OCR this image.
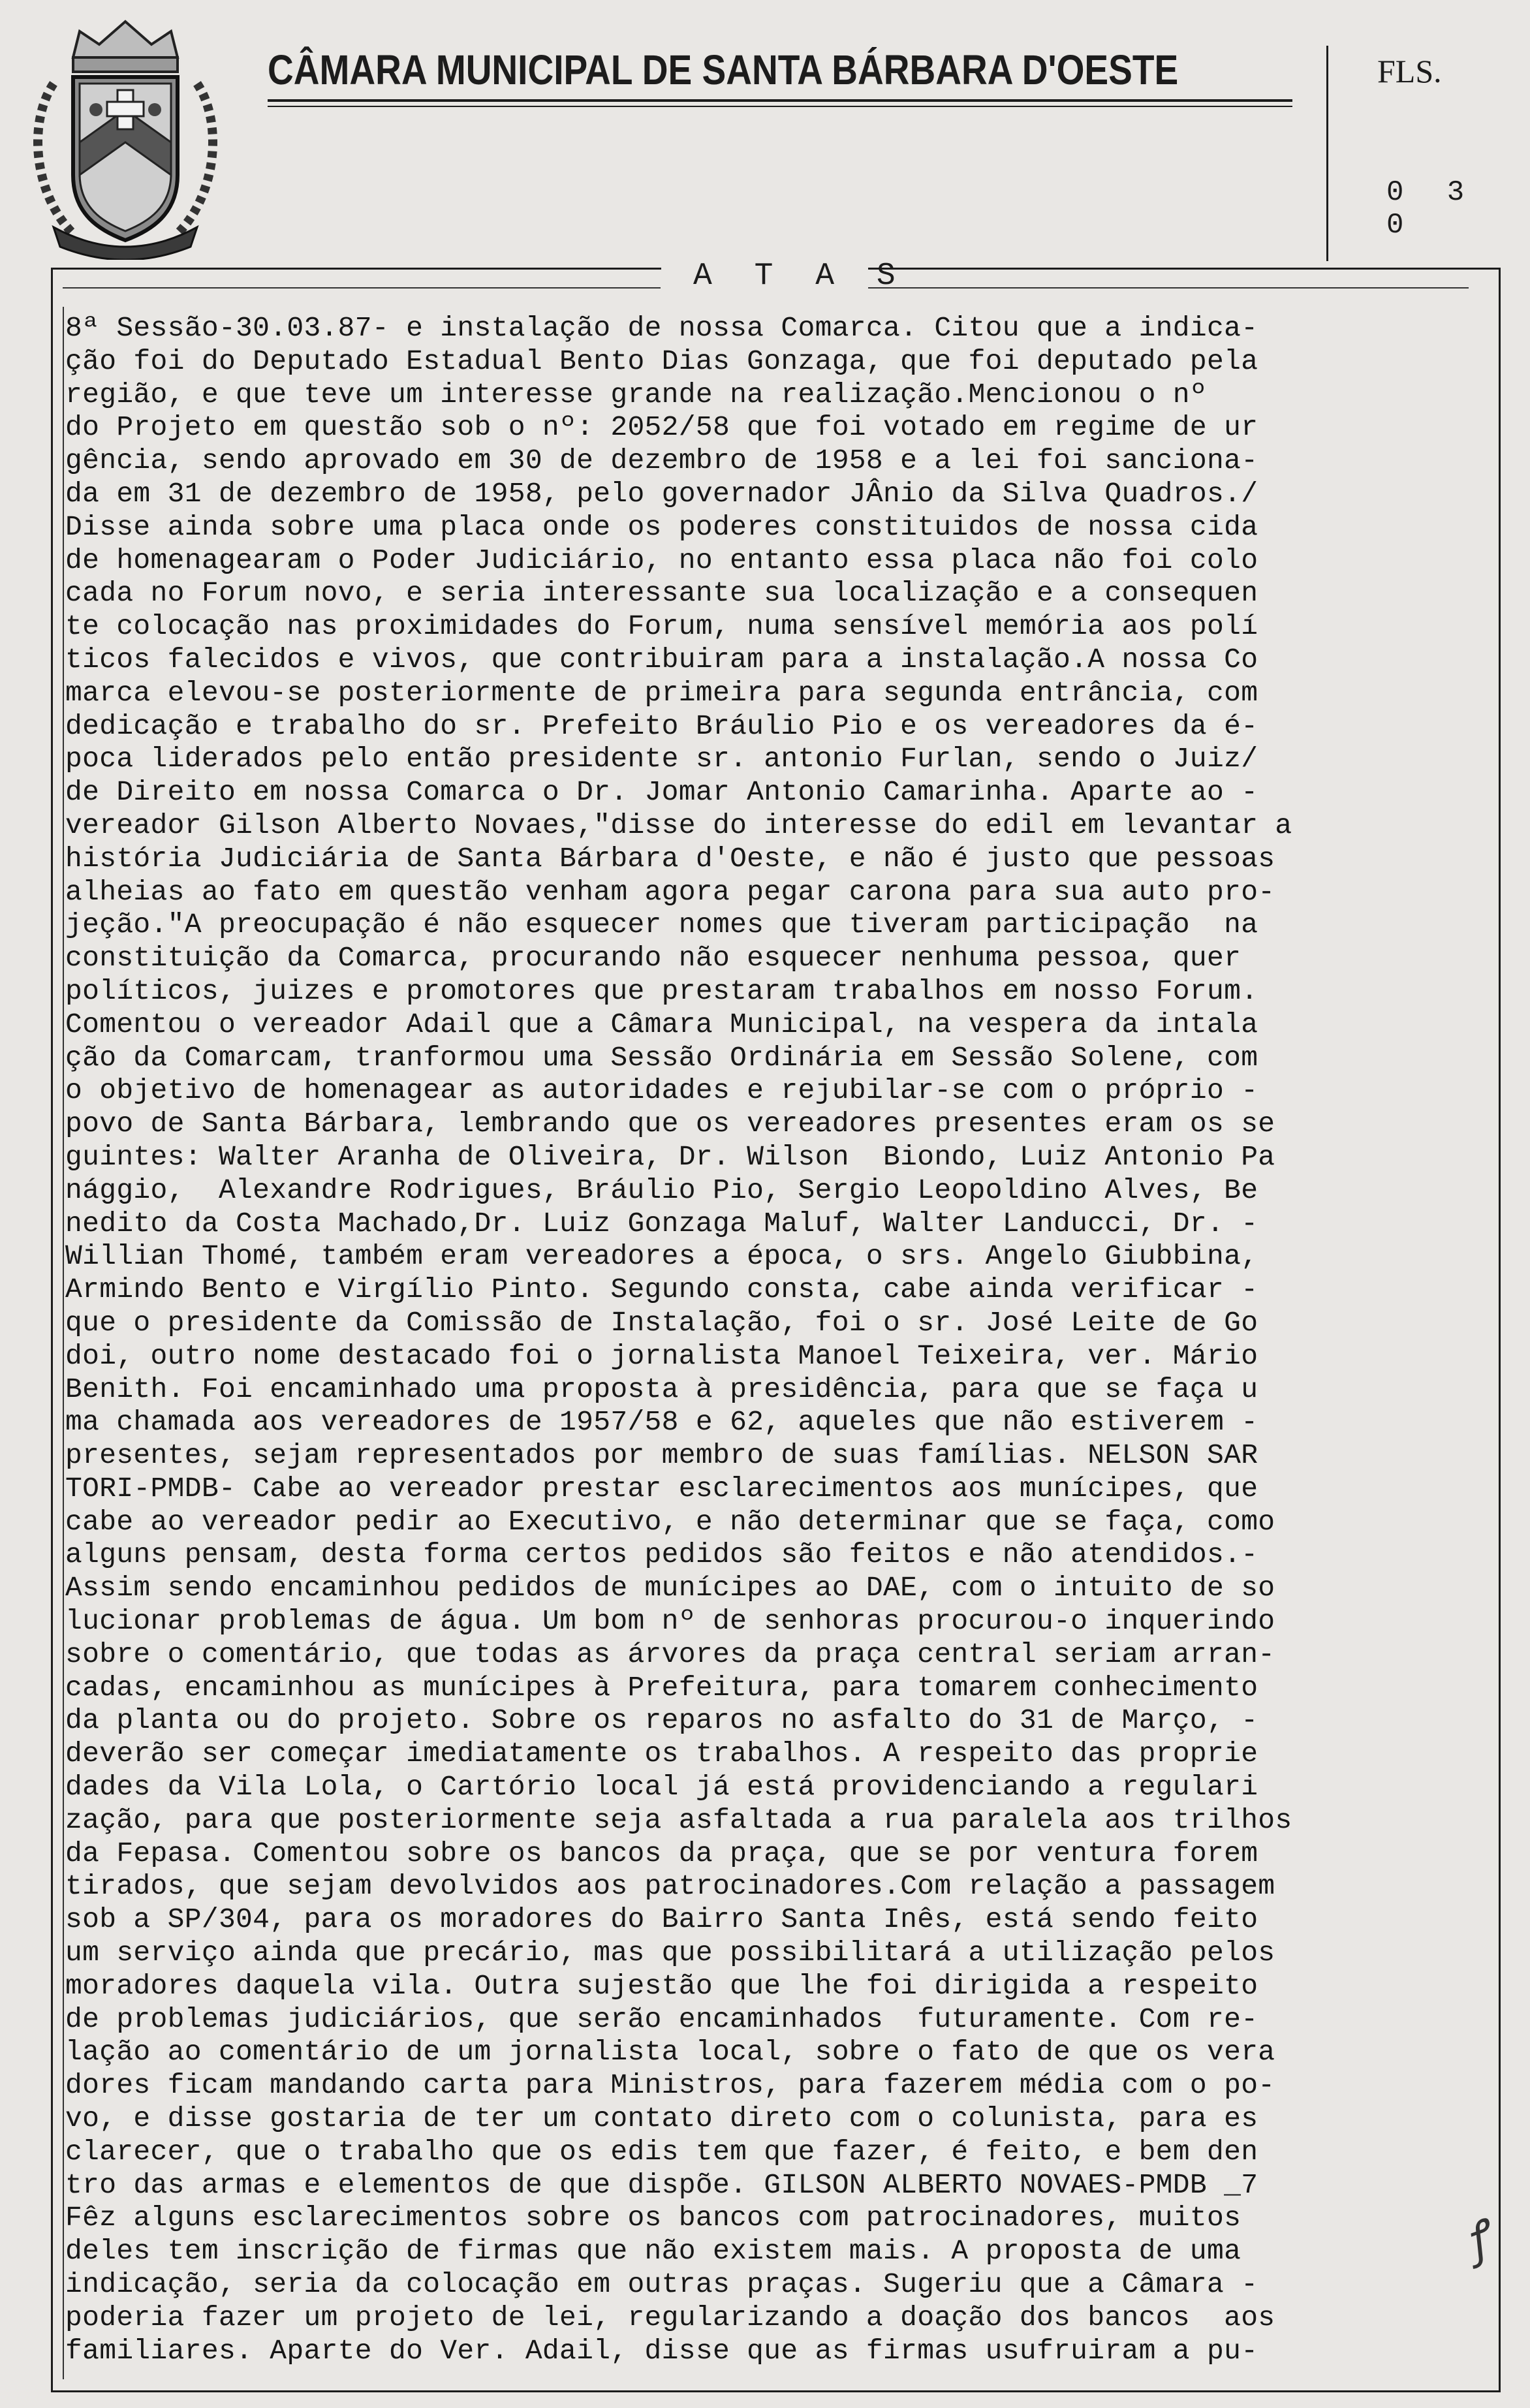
CÂMARA MUNICIPAL DE SANTA BÁRBARA D'OESTE	FLS.
0 3 0
A T A S
8ª Sessão-30.03.87- e instalação de nossa Comarca. Citou que a indica-
ção foi do Deputado Estadual Bento Dias Gonzaga, que foi deputado pela
região, e que teve um interesse grande na realização.Mencionou o nº
do Projeto em questão sob o nº: 2052/58 que foi votado em regime de ur
gência, sendo aprovado em 30 de dezembro de 1958 e a lei foi sanciona-
da em 31 de dezembro de 1958, pelo governador JÂnio da Silva Quadros./
Disse ainda sobre uma placa onde os poderes constituidos de nossa cida
de homenagearam o Poder Judiciário, no entanto essa placa não foi colo
cada no Forum novo, e seria interessante sua localização e a consequen
te colocação nas proximidades do Forum, numa sensível memória aos polí
ticos falecidos e vivos, que contribuiram para a instalação.A nossa Co
marca elevou-se posteriormente de primeira para segunda entrância, com
dedicação e trabalho do sr. Prefeito Bráulio Pio e os vereadores da é-
poca liderados pelo então presidente sr. antonio Furlan, sendo o Juiz/
de Direito em nossa Comarca o Dr. Jomar Antonio Camarinha. Aparte ao -
vereador Gilson Alberto Novaes,"disse do interesse do edil em levantar a
história Judiciária de Santa Bárbara d'Oeste, e não é justo que pessoas
alheias ao fato em questão venham agora pegar carona para sua auto pro-
jeção."A preocupação é não esquecer nomes que tiveram participação  na
constituição da Comarca, procurando não esquecer nenhuma pessoa, quer
políticos, juizes e promotores que prestaram trabalhos em nosso Forum.
Comentou o vereador Adail que a Câmara Municipal, na vespera da intala
ção da Comarcam, tranformou uma Sessão Ordinária em Sessão Solene, com
o objetivo de homenagear as autoridades e rejubilar-se com o próprio -
povo de Santa Bárbara, lembrando que os vereadores presentes eram os se
guintes: Walter Aranha de Oliveira, Dr. Wilson  Biondo, Luiz Antonio Pa
nággio,  Alexandre Rodrigues, Bráulio Pio, Sergio Leopoldino Alves, Be
nedito da Costa Machado,Dr. Luiz Gonzaga Maluf, Walter Landucci, Dr. -
Willian Thomé, também eram vereadores a época, o srs. Angelo Giubbina,
Armindo Bento e Virgílio Pinto. Segundo consta, cabe ainda verificar -
que o presidente da Comissão de Instalação, foi o sr. José Leite de Go
doi, outro nome destacado foi o jornalista Manoel Teixeira, ver. Mário
Benith. Foi encaminhado uma proposta à presidência, para que se faça u
ma chamada aos vereadores de 1957/58 e 62, aqueles que não estiverem -
presentes, sejam representados por membro de suas famílias. NELSON SAR
TORI-PMDB- Cabe ao vereador prestar esclarecimentos aos munícipes, que
cabe ao vereador pedir ao Executivo, e não determinar que se faça, como
alguns pensam, desta forma certos pedidos são feitos e não atendidos.-
Assim sendo encaminhou pedidos de munícipes ao DAE, com o intuito de so
lucionar problemas de água. Um bom nº de senhoras procurou-o inquerindo
sobre o comentário, que todas as árvores da praça central seriam arran-
cadas, encaminhou as munícipes à Prefeitura, para tomarem conhecimento
da planta ou do projeto. Sobre os reparos no asfalto do 31 de Março, -
deverão ser começar imediatamente os trabalhos. A respeito das proprie
dades da Vila Lola, o Cartório local já está providenciando a regulari
zação, para que posteriormente seja asfaltada a rua paralela aos trilhos
da Fepasa. Comentou sobre os bancos da praça, que se por ventura forem
tirados, que sejam devolvidos aos patrocinadores.Com relação a passagem
sob a SP/304, para os moradores do Bairro Santa Inês, está sendo feito
um serviço ainda que precário, mas que possibilitará a utilização pelos
moradores daquela vila. Outra sujestão que lhe foi dirigida a respeito
de problemas judiciários, que serão encaminhados  futuramente. Com re-
lação ao comentário de um jornalista local, sobre o fato de que os vera
dores ficam mandando carta para Ministros, para fazerem média com o po-
vo, e disse gostaria de ter um contato direto com o colunista, para es
clarecer, que o trabalho que os edis tem que fazer, é feito, e bem den
tro das armas e elementos de que dispõe. GILSON ALBERTO NOVAES-PMDB _7
Fêz alguns esclarecimentos sobre os bancos com patrocinadores, muitos
deles tem inscrição de firmas que não existem mais. A proposta de uma
indicação, seria da colocação em outras praças. Sugeriu que a Câmara -
poderia fazer um projeto de lei, regularizando a doação dos bancos  aos
familiares. Aparte do Ver. Adail, disse que as firmas usufruiram a pu-
ꝭ
